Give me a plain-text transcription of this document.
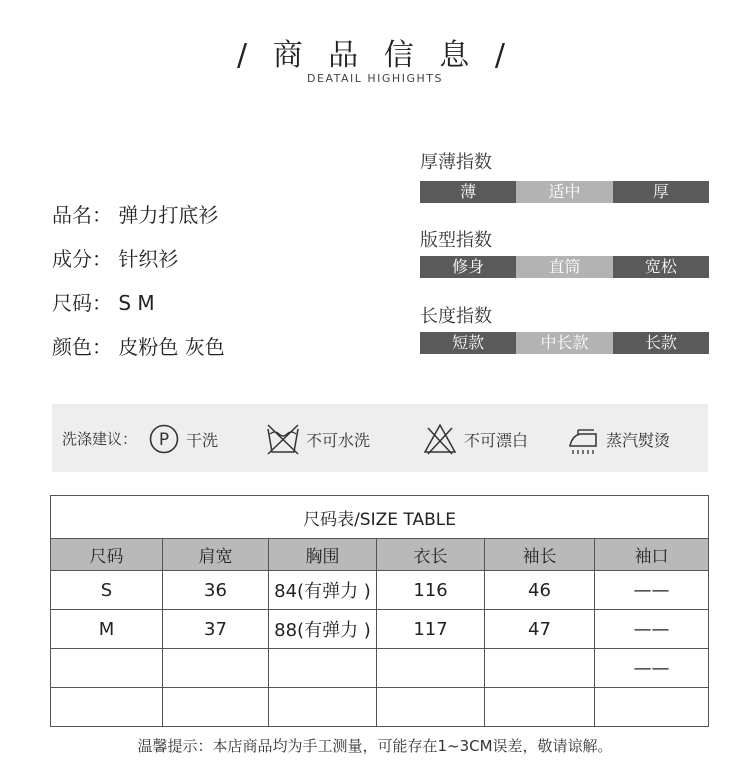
/ 商 品 信 息 /
DEATAIL HIGHIGHTS
品名： 弹力打底衫
成分： 针织衫
尺码： S M
颜色： 皮粉色 灰色
厚薄指数
薄	适中	厚
版型指数
修身	直筒	宽松
长度指数
短款	中长款	长款
洗涤建议： P 干洗	不可水洗	不可漂白	蒸汽熨烫
尺码表/SIZE TABLE					
尺码	肩宽	胸围	衣长	袖长	袖口
S	36	84(有弹力 )	116	46	——
M	37	88(有弹力 )	117	47	——
					——

温馨提示：本店商品均为手工测量，可能存在1~3CM误差，敬请谅解。
